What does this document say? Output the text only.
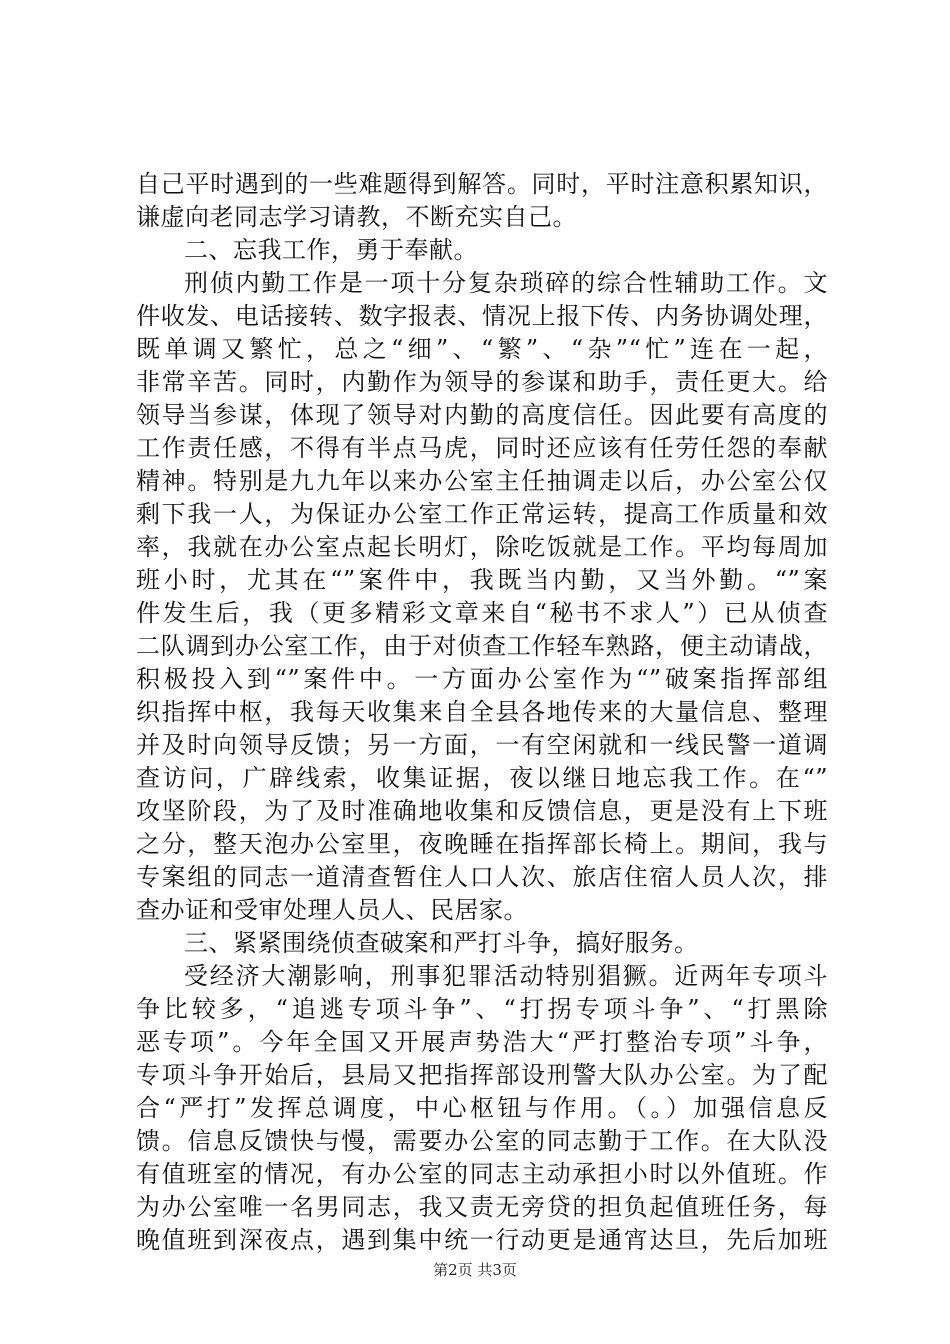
自己平时遇到的一些难题得到解答。同时，平时注意积累知识，
谦虚向老同志学习请教，不断充实自己。
二、忘我工作，勇于奉献。
刑侦内勤工作是一项十分复杂琐碎的综合性辅助工作。文
件收发、电话接转、数字报表、情况上报下传、内务协调处理，
既单调又繁忙，总之“细”、“繁”、“杂”“忙”连在一起，
非常辛苦。同时，内勤作为领导的参谋和助手，责任更大。给
领导当参谋，体现了领导对内勤的高度信任。因此要有高度的
工作责任感，不得有半点马虎，同时还应该有任劳任怨的奉献
精神。特别是九九年以来办公室主任抽调走以后，办公室公仅
剩下我一人，为保证办公室工作正常运转，提高工作质量和效
率，我就在办公室点起长明灯，除吃饭就是工作。平均每周加
班小时，尤其在“”案件中，我既当内勤，又当外勤。“”案
件发生后，我（更多精彩文章来自“秘书不求人”）已从侦查
二队调到办公室工作，由于对侦查工作轻车熟路，便主动请战，
积极投入到“”案件中。一方面办公室作为“”破案指挥部组
织指挥中枢，我每天收集来自全县各地传来的大量信息、整理
并及时向领导反馈；另一方面，一有空闲就和一线民警一道调
查访问，广辟线索，收集证据，夜以继日地忘我工作。在“”
攻坚阶段，为了及时准确地收集和反馈信息，更是没有上下班
之分，整天泡办公室里，夜晚睡在指挥部长椅上。期间，我与
专案组的同志一道清查暂住人口人次、旅店住宿人员人次，排
查办证和受审处理人员人、民居家。
三、紧紧围绕侦查破案和严打斗争，搞好服务。
受经济大潮影响，刑事犯罪活动特别猖獗。近两年专项斗
争比较多，“追逃专项斗争”、“打拐专项斗争”、“打黑除
恶专项”。今年全国又开展声势浩大“严打整治专项”斗争，
专项斗争开始后，县局又把指挥部设刑警大队办公室。为了配
合“严打”发挥总调度，中心枢钮与作用。（。）加强信息反
馈。信息反馈快与慢，需要办公室的同志勤于工作。在大队没
有值班室的情况，有办公室的同志主动承担小时以外值班。作
为办公室唯一名男同志，我又责无旁贷的担负起值班任务，每
晚值班到深夜点，遇到集中统一行动更是通宵达旦，先后加班
第2页 共3页
